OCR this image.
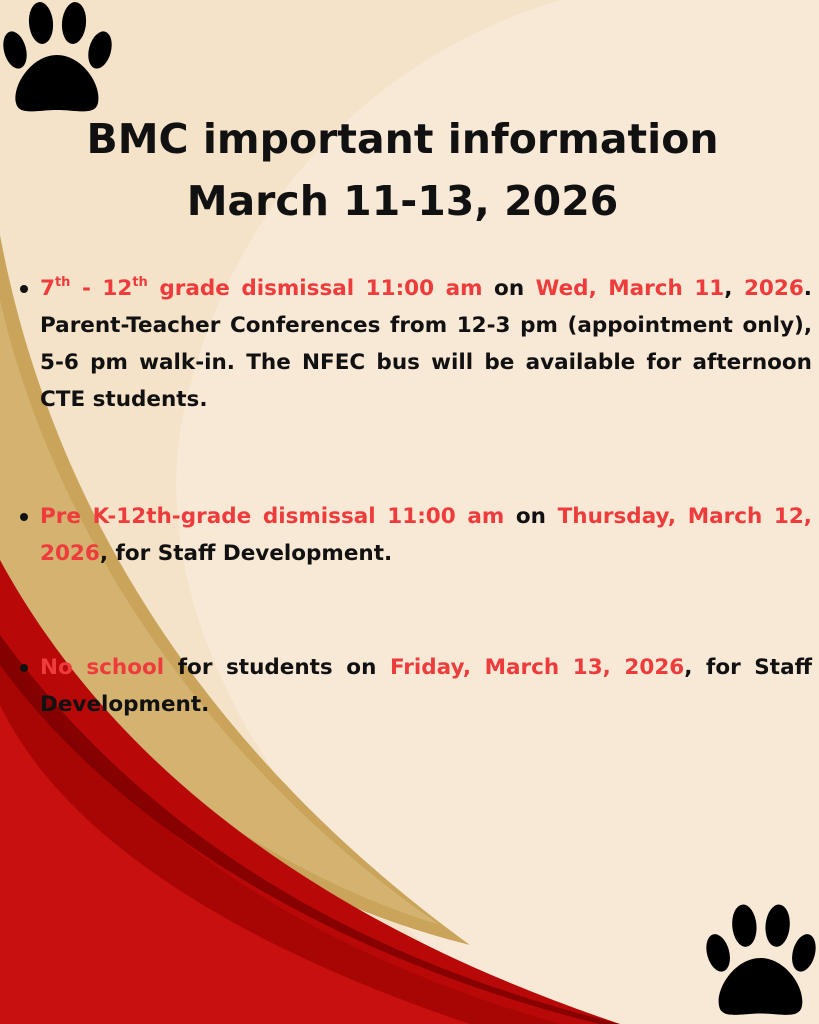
BMC important information
March 11-13, 2026
7th - 12th grade dismissal 11:00 am on Wed, March 11, 2026. Parent-Teacher Conferences from 12-3 pm (appointment only), 5-6 pm walk-in. The NFEC bus will be available for afternoon CTE students.
Pre K-12th-grade dismissal 11:00 am on Thursday, March 12, 2026, for Staff Development.
No school for students on Friday, March 13, 2026, for Staff Development.
